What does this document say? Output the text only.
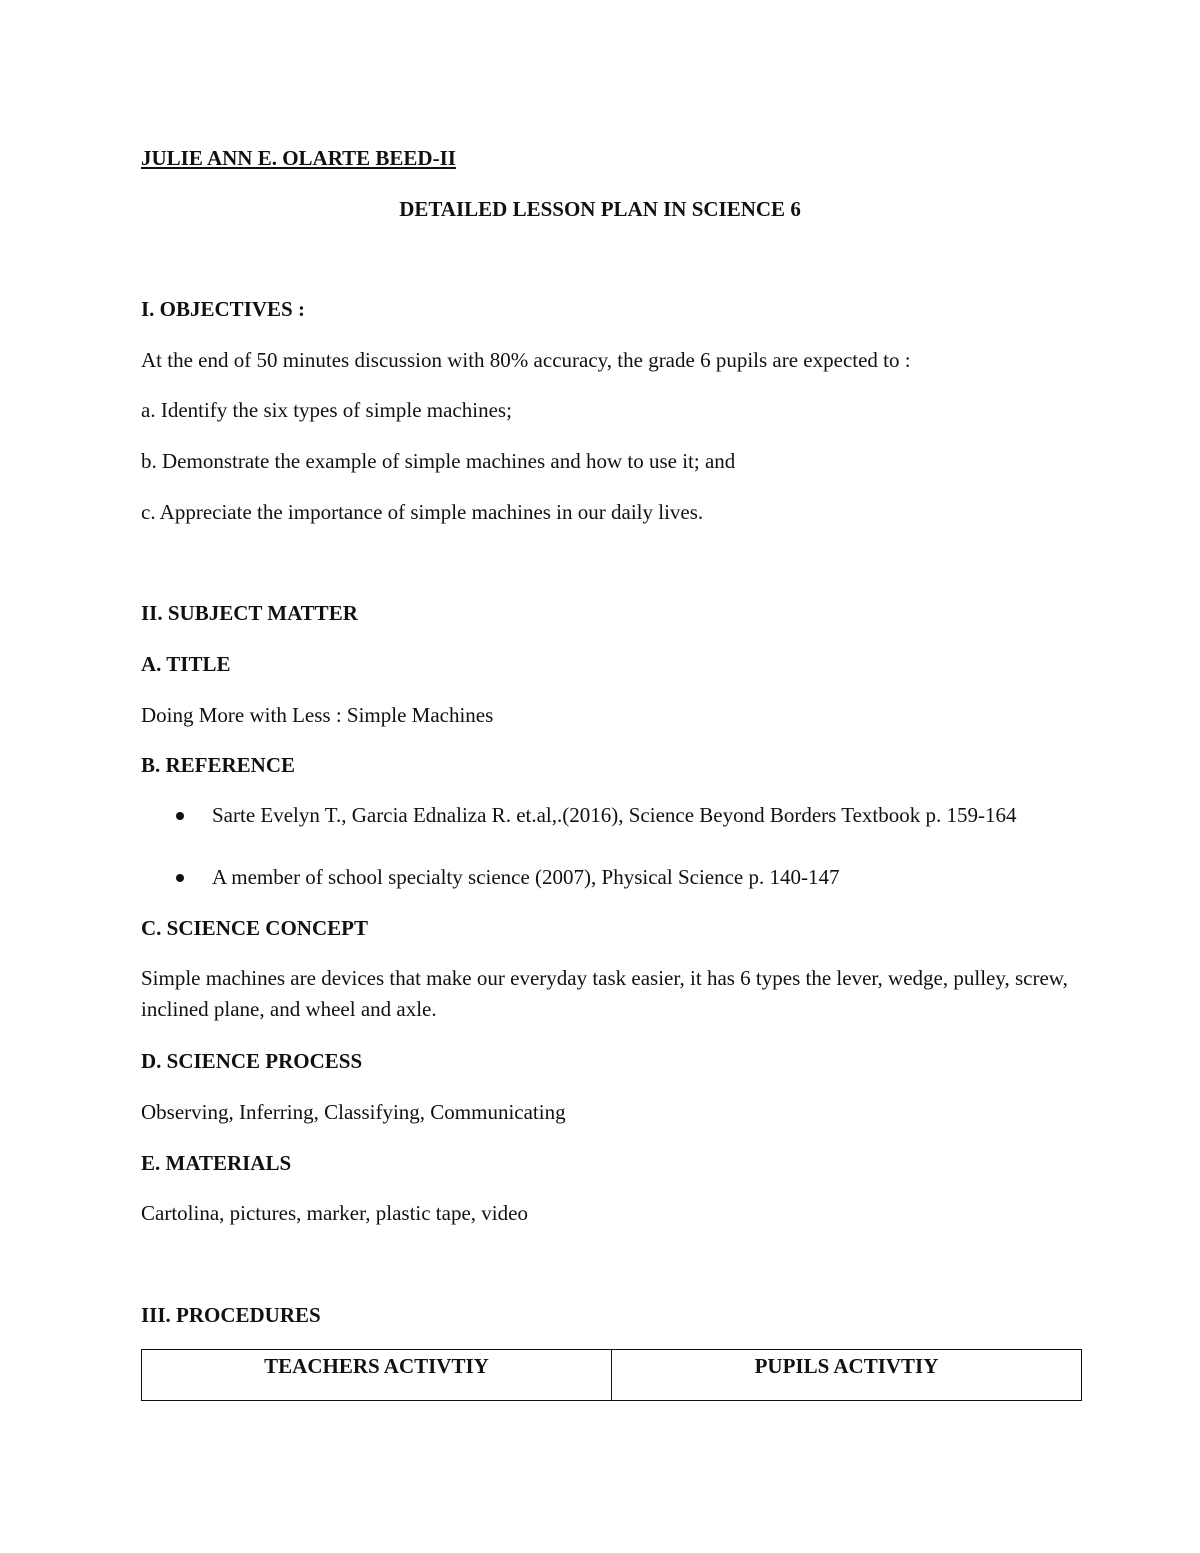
JULIE ANN E. OLARTE BEED-II
DETAILED LESSON PLAN IN SCIENCE 6
I. OBJECTIVES :
At the end of 50 minutes discussion with 80% accuracy, the grade 6 pupils are expected to :
a. Identify the six types of simple machines;
b. Demonstrate the example of simple machines and how to use it; and
c. Appreciate the importance of simple machines in our daily lives.
II. SUBJECT MATTER
A. TITLE
Doing More with Less : Simple Machines
B. REFERENCE
Sarte Evelyn T., Garcia Ednaliza R. et.al,.(2016), Science Beyond Borders Textbook p. 159-164
A member of school specialty science (2007), Physical Science p. 140-147
C. SCIENCE CONCEPT
Simple machines are devices that make our everyday task easier, it has 6 types the lever, wedge, pulley, screw, inclined plane, and wheel and axle.
D. SCIENCE PROCESS
Observing, Inferring, Classifying, Communicating
E. MATERIALS
Cartolina, pictures, marker, plastic tape, video
III. PROCEDURES
TEACHERS ACTIVTIY	PUPILS ACTIVTIY
